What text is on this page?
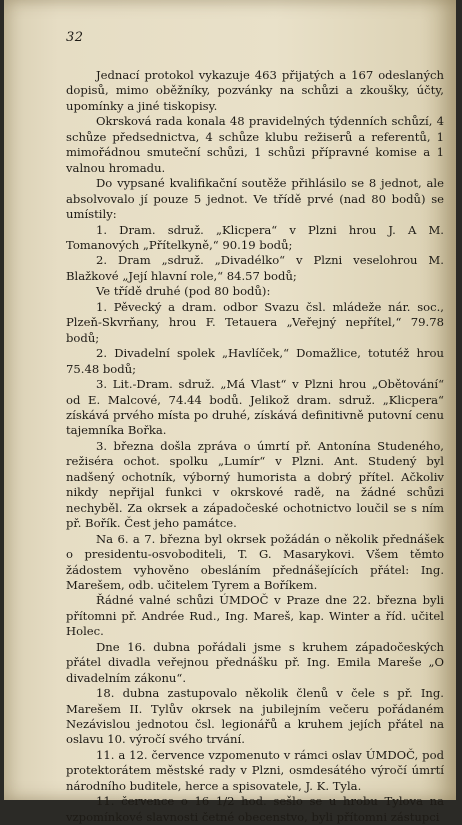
32

Jednací protokol vykazuje 463 přijatých a 167 odeslaných dopisů, mimo oběžníky, pozvánky na schůzi a zkoušky, účty, upomínky a jiné tiskopisy.

Okrsková rada konala 48 pravidelných týdenních schůzí, 4 schůze předsednictva, 4 schůze klubu režiserů a referentů, 1 mimořádnou smuteční schůzi, 1 schůzi přípravné komise a 1 valnou hromadu.

Do vypsané kvalifikační soutěže přihlásilo se 8 jednot, ale absolvovalo jí pouze 5 jednot. Ve třídě prvé (nad 80 bodů) se umístily:

1. Dram. sdruž. „Klicpera“ v Plzni hrou J. A M. Tomanových „Přítelkyně,“ 90.19 bodů;

2. Dram „sdruž. „Divadélko“ v Plzni veselohrou M. Blažkové „Její hlavní role,“ 84.57 bodů;

Ve třídě druhé (pod 80 bodů):

1. Pěvecký a dram. odbor Svazu čsl. mládeže nár. soc., Plzeň-Skvrňany, hrou F. Tetauera „Veřejný nepřítel,“ 79.78 bodů;

2. Divadelní spolek „Havlíček,“ Domažlice, totutéž hrou 75.48 bodů;

3. Lit.-Dram. sdruž. „Má Vlast“ v Plzni hrou „Obětování“ od E. Malcové, 74.44 bodů. Jelikož dram. sdruž. „Klicpera“ získává prvého místa po druhé, získává definitivně putovní cenu tajemníka Bořka.

3. března došla zpráva o úmrtí př. Antonína Studeného, režiséra ochot. spolku „Lumír“ v Plzni. Ant. Studený byl nadšený ochotník, výborný humorista a dobrý přítel. Ačkoliv nikdy nepřijal funkci v okrskové radě, na žádné schůzi nechyběl. Za okrsek a západočeské ochotnictvo loučil se s ním př. Bořík. Čest jeho památce.

Na 6. a 7. března byl okrsek požádán o několik přednášek o presidentu-osvoboditeli, T. G. Masarykovi. Všem těmto žádostem vyhověno obesláním přednášejících přátel: Ing. Marešem, odb. učitelem Tyrem a Boříkem.

Řádné valné schůzi ÚMDOČ v Praze dne 22. března byli přítomni př. Andrée Rud., Ing. Mareš, kap. Winter a říd. učitel Holec.

Dne 16. dubna pořádali jsme s kruhem západočeských přátel divadla veřejnou přednášku př. Ing. Emila Mareše „O divadelním zákonu“.

18. dubna zastupovalo několik členů v čele s př. Ing. Marešem II. Tylův okrsek na jubilejním večeru pořádaném Nezávislou jednotou čsl. legionářů a kruhem jejích přátel na oslavu 10. výročí svého trvání.

11. a 12. července vzpomenuto v rámci oslav ÚMDOČ, pod protektorátem městské rady v Plzni, osmdesátého výročí úmrtí národního buditele, herce a spisovatele, J. K. Tyla.

11. července o 16 1/2 hod. sešlo se u hrobu Tylova na vzpomínkové slavnosti četné obecenstvo, byli přítomni zástupci
